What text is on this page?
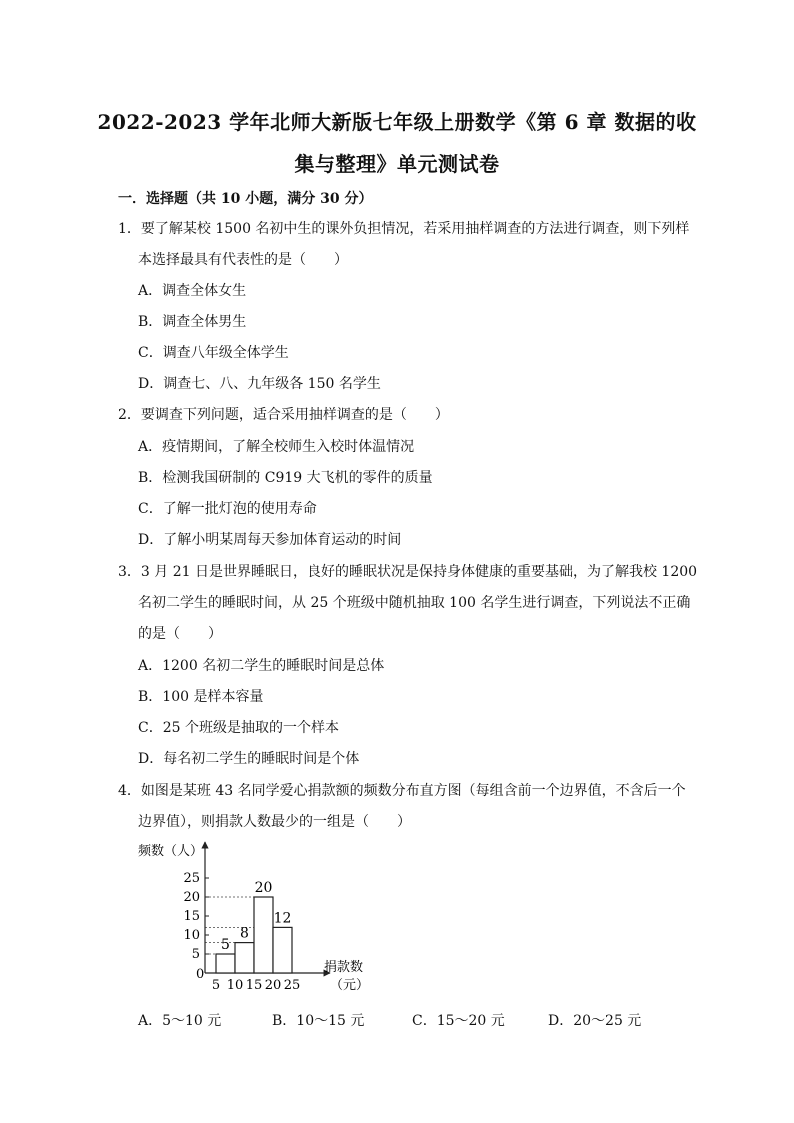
2022-2023 学年北师大新版七年级上册数学《第 6 章 数据的收
集与整理》单元测试卷
一．选择题（共 10 小题，满分 30 分）
1．要了解某校 1500 名初中生的课外负担情况，若采用抽样调查的方法进行调查，则下列样
本选择最具有代表性的是（　　）
A．调查全体女生
B．调查全体男生
C．调查八年级全体学生
D．调查七、八、九年级各 150 名学生
2．要调查下列问题，适合采用抽样调查的是（　　）
A．疫情期间，了解全校师生入校时体温情况
B．检测我国研制的 C919 大飞机的零件的质量
C．了解一批灯泡的使用寿命
D．了解小明某周每天参加体育运动的时间
3．3 月 21 日是世界睡眠日，良好的睡眠状况是保持身体健康的重要基础，为了解我校 1200
名初二学生的睡眠时间，从 25 个班级中随机抽取 100 名学生进行调查，下列说法不正确
的是（　　）
A．1200 名初二学生的睡眠时间是总体
B．100 是样本容量
C．25 个班级是抽取的一个样本
D．每名初二学生的睡眠时间是个体
4．如图是某班 43 名同学爱心捐款额的频数分布直方图（每组含前一个边界值，不含后一个
边界值），则捐款人数最少的一组是（　　）
频数（人）
捐款数
（元）
0
5
8
20
12
5
10
15
20
25
5 10 15 20 25
A．5～10 元	B．10～15 元	C．15～20 元	D．20～25 元
